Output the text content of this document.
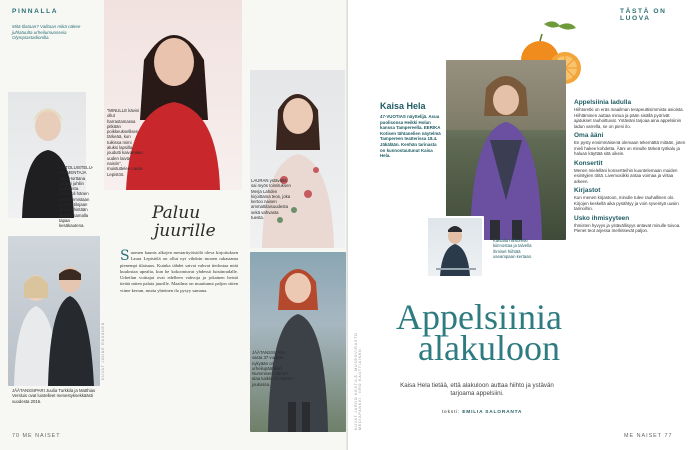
PINNALLA
Mitä tilataan? Valitaan mikä näkee juhlatuulta urheilumuosseia Olympiastadionilla.
TAITOLUISTELU-VALMENTAJA Virpi Horttana saapui juhliin jäähallista. Laura oli hänen vanhemmistaan ja koko tilojaan oli ja vähintään viidellä samalla tapaa kesäkautena.
”MINULLE kävisi ollut harrastamassa pitkään poikkeuksellisen tärkeää, kun tuikissa mimi aluksi lapsilla, joudutti kaivamaan uuden laivta naisiin”, muistuttelee Laura Lepistöö.
LAURAN ystävältä sai myös toimituksen Merja Lahden kirjoittama teos, joka kertoo naisen ammattilaisuudesta sekä vahvasta tuesta.
Paluu
juurille
Suomen kaunis alkojen mestarityöistölä oleva kirjoituksen Laura Lepistölä on ollut nyt vihdoin monen rakastama pienempi tilaisuus. Kuinka tähdet saivat vahvat tiedostaa mitä kuulostaa upealta, kun he kokoontuvat yhdessä luistinradalle. Urheilun voittajat ovat edelleen vahvoja ja jokainen heistä tietää miten palata juurille. Maailma on muuttunut paljon sitten viime kerran, mutta yhteinen ilo pysyy samana.
JÄÄTANSSIPARI Juulia Turkkila ja Matthias Versluis ovat luistelleet menestyksekkäästi vuodesta 2016.
KUVAT JONNE RÄSÄNEN	JÄÄTANSSIJANA vasta 37 vuotias nykyään on urheilupäällikkö Nummisen. Hänen alaa kaikki on nuorten joukossa.
70 ME NAISET
KUVAT JARNO KESTILÄ, MUSEOVIRASTO MEDIAPANKKI, IIRO KAUTTIAINEN
TÄSTÄ ON LUOVA
Kaisa Hela
47-VUOTIAS näyttelijä. Asuu puolisonsa Heikki Holan kanssa Tampereella. EERIKA Kotisen tähtanelien näytelmä Tampereen teatterissa 18.4. Jäkälään. Kenhän tarinasta on kunnostautunut Kaisa Hela.
Kaisalla hiihtoretki kiinnostaa ja talvella ihmiset hiihtää useampaan kertaan.
Appelsiinia
alakuloon
Kaisa Hela tietää, että alakuloon auttaa hiihto ja ystävän tarjoama appelsiini.
teksti: EMILIA SALORANTA
Appelsiinia ladulla
Hiihtoretki on eräs maailman terapeuttisimmista asioista. Hiihtäminen auttaa minua ja pään sisällä pyörivät ajatukset rauhoittuvat. Ystäväni tarjoaa aina appelsiinin ladun varrella, se on pieni ilo.
Oma ääni
En pysty ensimmäisenä olemaan tekemättä mitään, joten mieli hakee kohdetta. Ääni on minulle tärkeä työkalu ja haluan käyttää sitä oikein.
Konsertit
Menen mielelläni konsertteihin kuuntelemaan muiden esiintyjien töitä. Livemusiikki antaa voimaa ja virtaa arkeen.
Kirjastot
Kun menen kirjastoon, minulle tulee rauhallinen olo. Kirjojen keskellä aika pysähtyy ja voin syventyä uusiin tarinoihin.
Usko ihmisyyteen
Ihmisten hyvyys ja ystävällisyys antavat minulle toivoa. Pienet teot arjessa merkitsevät paljon.
ME NAISET 77
